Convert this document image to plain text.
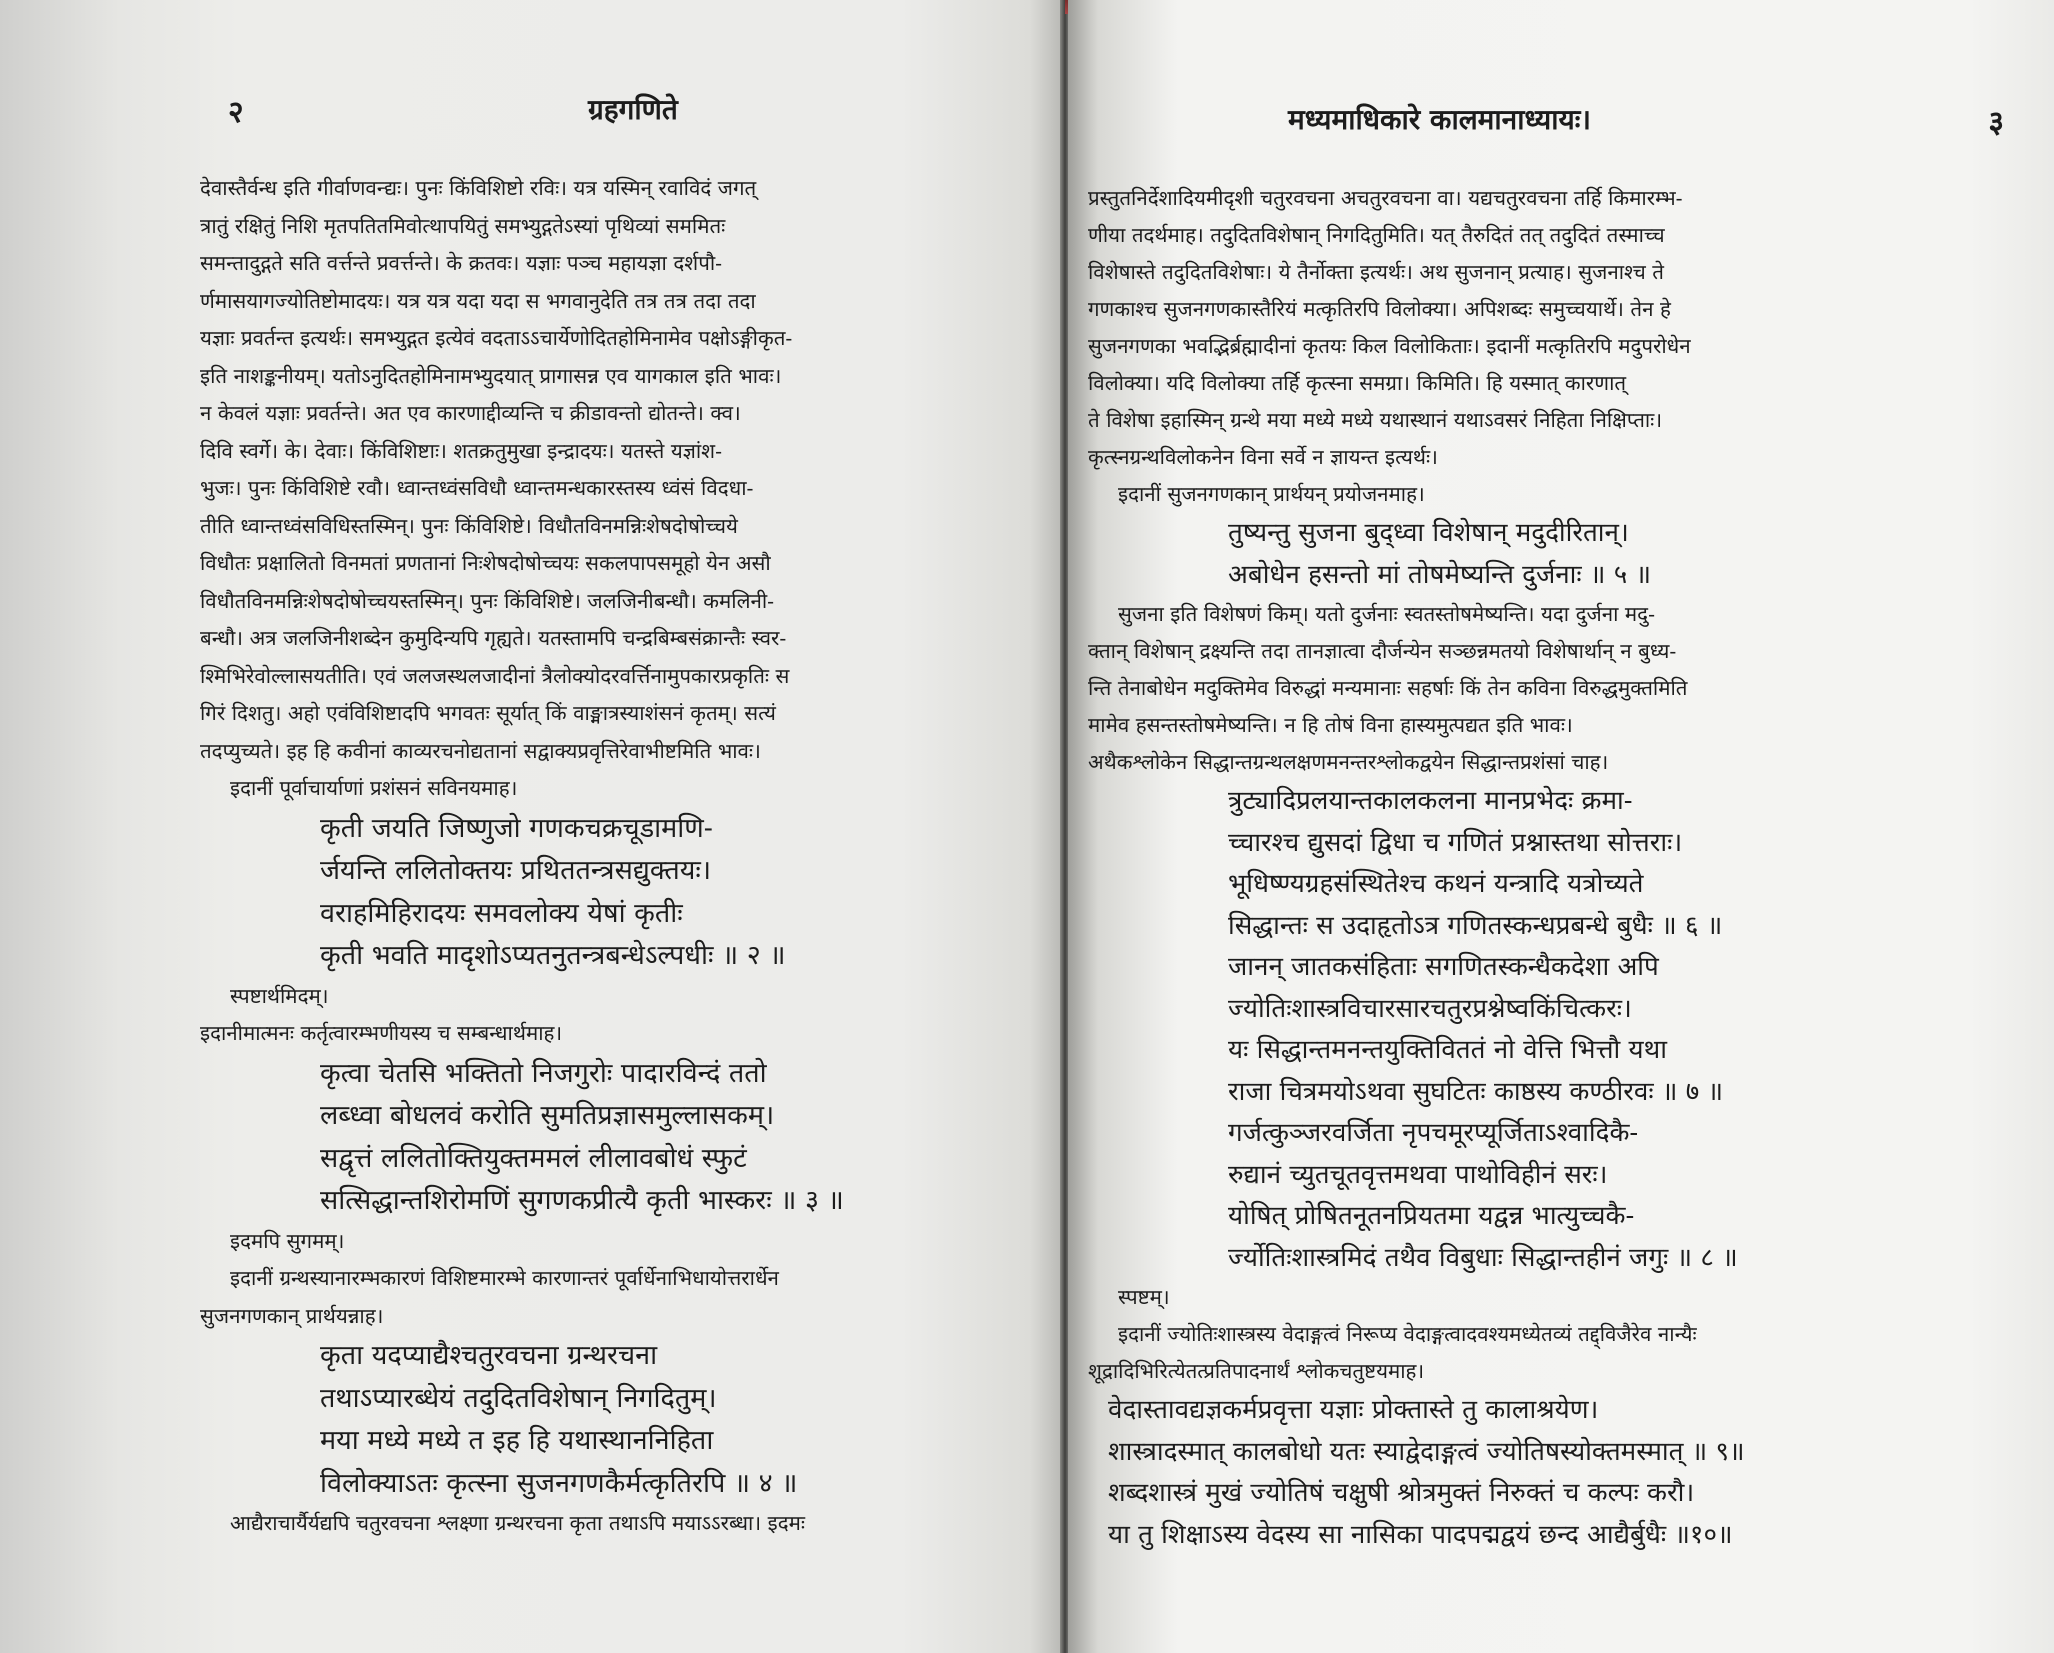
२	ग्रहगणिते
देवास्तैर्वन्ध इति गीर्वाणवन्द्यः। पुनः किंविशिष्टो रविः। यत्र यस्मिन् रवाविदं जगत्
त्रातुं रक्षितुं निशि मृतपतितमिवोत्थापयितुं समभ्युद्गतेऽस्यां पृथिव्यां सममितः
समन्तादुद्गते सति वर्त्तन्ते प्रवर्त्तन्ते। के क्रतवः। यज्ञाः पञ्च महायज्ञा दर्शपौ-
र्णमासयागज्योतिष्टोमादयः। यत्र यत्र यदा यदा स भगवानुदेति तत्र तत्र तदा तदा
यज्ञाः प्रवर्तन्त इत्यर्थः। समभ्युद्गत इत्येवं वदताऽऽचार्येणोदितहोमिनामेव पक्षोऽङ्गीकृत-
इति नाशङ्कनीयम्। यतोऽनुदितहोमिनामभ्युदयात् प्रागासन्न एव यागकाल इति भावः।
न केवलं यज्ञाः प्रवर्तन्ते। अत एव कारणाद्दीव्यन्ति च क्रीडावन्तो द्योतन्ते। क्व।
दिवि स्वर्गे। के। देवाः। किंविशिष्टाः। शतक्रतुमुखा इन्द्रादयः। यतस्ते यज्ञांश-
भुजः। पुनः किंविशिष्टे रवौ। ध्वान्तध्वंसविधौ ध्वान्तमन्धकारस्तस्य ध्वंसं विदधा-
तीति ध्वान्तध्वंसविधिस्तस्मिन्। पुनः किंविशिष्टे। विधौतविनमन्निःशेषदोषोच्चये
विधौतः प्रक्षालितो विनमतां प्रणतानां निःशेषदोषोच्चयः सकलपापसमूहो येन असौ
विधौतविनमन्निःशेषदोषोच्चयस्तस्मिन्। पुनः किंविशिष्टे। जलजिनीबन्धौ। कमलिनी-
बन्धौ। अत्र जलजिनीशब्देन कुमुदिन्यपि गृह्यते। यतस्तामपि चन्द्रबिम्बसंक्रान्तैः स्वर-
श्मिभिरेवोल्लासयतीति। एवं जलजस्थलजादीनां त्रैलोक्योदरवर्त्तिनामुपकारप्रकृतिः स
गिरं दिशतु। अहो एवंविशिष्टादपि भगवतः सूर्यात् किं वाङ्मात्रस्याशंसनं कृतम्। सत्यं
तदप्युच्यते। इह हि कवीनां काव्यरचनोद्यतानां सद्वाक्यप्रवृत्तिरेवाभीष्टमिति भावः।
इदानीं पूर्वाचार्याणां प्रशंसनं सविनयमाह।
कृती जयति जिष्णुजो गणकचक्रचूडामणि-
र्जयन्ति ललितोक्तयः प्रथिततन्त्रसद्युक्तयः।
वराहमिहिरादयः समवलोक्य येषां कृतीः
कृती भवति मादृशोऽप्यतनुतन्त्रबन्धेऽल्पधीः ॥ २ ॥
स्पष्टार्थमिदम्।
इदानीमात्मनः कर्तृत्वारम्भणीयस्य च सम्बन्धार्थमाह।
कृत्वा चेतसि भक्तितो निजगुरोः पादारविन्दं ततो
लब्ध्वा बोधलवं करोति सुमतिप्रज्ञासमुल्लासकम्।
सद्वृत्तं ललितोक्तियुक्तममलं लीलावबोधं स्फुटं
सत्सिद्धान्तशिरोमणिं सुगणकप्रीत्यै कृती भास्करः ॥ ३ ॥
इदमपि सुगमम्।
इदानीं ग्रन्थस्यानारम्भकारणं विशिष्टमारम्भे कारणान्तरं पूर्वार्धेनाभिधायोत्तरार्धेन
सुजनगणकान् प्रार्थयन्नाह।
कृता यदप्याद्यैश्चतुरवचना ग्रन्थरचना
तथाऽप्यारब्धेयं तदुदितविशेषान् निगदितुम्।
मया मध्ये मध्ये त इह हि यथास्थाननिहिता
विलोक्याऽतः कृत्स्ना सुजनगणकैर्मत्कृतिरपि ॥ ४ ॥
आद्यैराचार्यैर्यद्यपि चतुरवचना श्लक्ष्णा ग्रन्थरचना कृता तथाऽपि मयाऽऽरब्धा। इदमः
मध्यमाधिकारे कालमानाध्यायः।	३
प्रस्तुतनिर्देशादियमीदृशी चतुरवचना अचतुरवचना वा। यद्यचतुरवचना तर्हि किमारम्भ-
णीया तदर्थमाह। तदुदितविशेषान् निगदितुमिति। यत् तैरुदितं तत् तदुदितं तस्माच्च
विशेषास्ते तदुदितविशेषाः। ये तैर्नोक्ता इत्यर्थः। अथ सुजनान् प्रत्याह। सुजनाश्च ते
गणकाश्च सुजनगणकास्तैरियं मत्कृतिरपि विलोक्या। अपिशब्दः समुच्चयार्थे। तेन हे
सुजनगणका भवद्भिर्ब्रह्मादीनां कृतयः किल विलोकिताः। इदानीं मत्कृतिरपि मदुपरोधेन
विलोक्या। यदि विलोक्या तर्हि कृत्स्ना समग्रा। किमिति। हि यस्मात् कारणात्
ते विशेषा इहास्मिन् ग्रन्थे मया मध्ये मध्ये यथास्थानं यथाऽवसरं निहिता निक्षिप्ताः।
कृत्स्नग्रन्थविलोकनेन विना सर्वे न ज्ञायन्त इत्यर्थः।
इदानीं सुजनगणकान् प्रार्थयन् प्रयोजनमाह।
तुष्यन्तु सुजना बुद्ध्वा विशेषान् मदुदीरितान्।
अबोधेन हसन्तो मां तोषमेष्यन्ति दुर्जनाः ॥ ५ ॥
सुजना इति विशेषणं किम्। यतो दुर्जनाः स्वतस्तोषमेष्यन्ति। यदा दुर्जना मदु-
क्तान् विशेषान् द्रक्ष्यन्ति तदा तानज्ञात्वा दौर्जन्येन सञ्छन्नमतयो विशेषार्थान् न बुध्य-
न्ति तेनाबोधेन मदुक्तिमेव विरुद्धां मन्यमानाः सहर्षाः किं तेन कविना विरुद्धमुक्तमिति
मामेव हसन्तस्तोषमेष्यन्ति। न हि तोषं विना हास्यमुत्पद्यत इति भावः।
अथैकश्लोकेन सिद्धान्तग्रन्थलक्षणमनन्तरश्लोकद्वयेन सिद्धान्तप्रशंसां चाह।
त्रुट्यादिप्रलयान्तकालकलना मानप्रभेदः क्रमा-
च्चारश्च द्युसदां द्विधा च गणितं प्रश्नास्तथा सोत्तराः।
भूधिष्ण्यग्रहसंस्थितेश्च कथनं यन्त्रादि यत्रोच्यते
सिद्धान्तः स उदाहृतोऽत्र गणितस्कन्धप्रबन्धे बुधैः ॥ ६ ॥
जानन् जातकसंहिताः सगणितस्कन्धैकदेशा अपि
ज्योतिःशास्त्रविचारसारचतुरप्रश्नेष्वकिंचित्करः।
यः सिद्धान्तमनन्तयुक्तिविततं नो वेत्ति भित्तौ यथा
राजा चित्रमयोऽथवा सुघटितः काष्ठस्य कण्ठीरवः ॥ ७ ॥
गर्जत्कुञ्जरवर्जिता नृपचमूरप्यूर्जिताऽश्वादिकै-
रुद्यानं च्युतचूतवृत्तमथवा पाथोविहीनं सरः।
योषित् प्रोषितनूतनप्रियतमा यद्वन्न भात्युच्चकै-
र्ज्योतिःशास्त्रमिदं तथैव विबुधाः सिद्धान्तहीनं जगुः ॥ ८ ॥
स्पष्टम्।
इदानीं ज्योतिःशास्त्रस्य वेदाङ्गत्वं निरूप्य वेदाङ्गत्वादवश्यमध्येतव्यं तद्द्विजैरेव नान्यैः
शूद्रादिभिरित्येतत्प्रतिपादनार्थं श्लोकचतुष्टयमाह।
वेदास्तावद्यज्ञकर्मप्रवृत्ता यज्ञाः प्रोक्तास्ते तु कालाश्रयेण।
शास्त्रादस्मात् कालबोधो यतः स्याद्वेदाङ्गत्वं ज्योतिषस्योक्तमस्मात् ॥ ९॥
शब्दशास्त्रं मुखं ज्योतिषं चक्षुषी श्रोत्रमुक्तं निरुक्तं च कल्पः करौ।
या तु शिक्षाऽस्य वेदस्य सा नासिका पादपद्मद्वयं छन्द आद्यैर्बुधैः ॥१०॥
